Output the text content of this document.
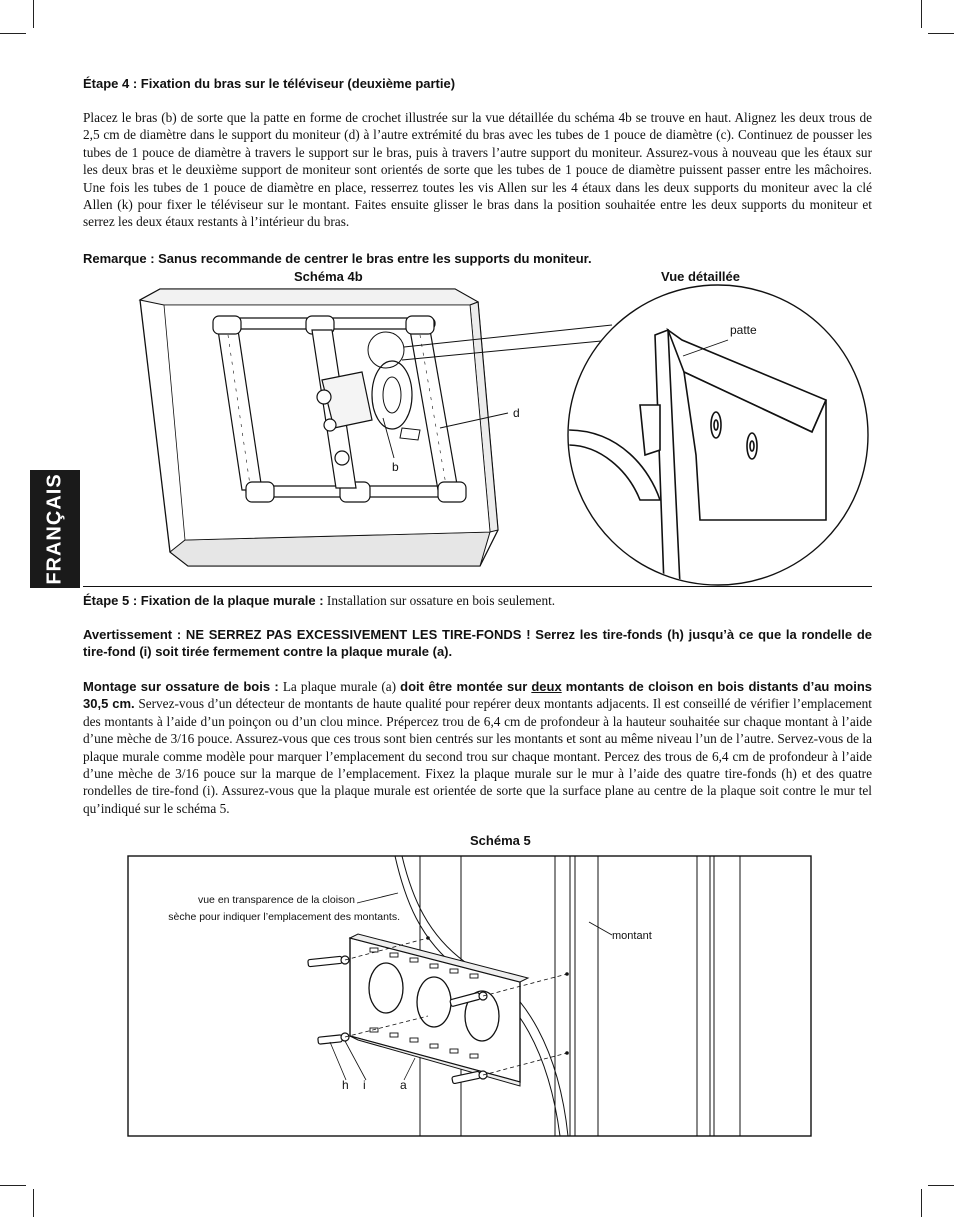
FRANÇAIS
Étape 4 : Fixation du bras sur le téléviseur (deuxième partie)
Placez le bras (b) de sorte que la patte en forme de crochet illustrée sur la vue détaillée du schéma 4b se trouve en haut. Alignez les deux trous de 2,5 cm de diamètre dans le support du moniteur (d) à l’autre extrémité du bras avec les tubes de 1 pouce de diamètre (c). Continuez de pousser les tubes de 1 pouce de diamètre à travers le support sur le bras, puis à travers l’autre support du moniteur. Assurez-vous à nouveau que les étaux sur les deux bras et le deuxième support de moniteur sont orientés de sorte que les tubes de 1 pouce de diamètre puissent passer entre les mâchoires. Une fois les tubes de 1 pouce de diamètre en place, resserrez toutes les vis Allen sur les 4 étaux dans les deux supports du moniteur avec la clé Allen (k) pour fixer le téléviseur sur le montant. Faites ensuite glisser le bras dans la position souhaitée entre les deux supports du moniteur et serrez les deux étaux restants à l’intérieur du bras.
Remarque : Sanus recommande de centrer le bras entre les supports du moniteur.
Schéma 4b	Vue détaillée
d
b
patte
Étape 5 : Fixation de la plaque murale : Installation sur ossature en bois seulement.
Avertissement : NE SERREZ PAS EXCESSIVEMENT LES TIRE-FONDS ! Serrez les tire-fonds (h) jusqu’à ce que la rondelle de tire-fond (i) soit tirée fermement contre la plaque murale (a).
Montage sur ossature de bois : La plaque murale (a) doit être montée sur deux montants de cloison en bois distants d’au moins 30,5 cm. Servez-vous d’un détecteur de montants de haute qualité pour repérer deux montants adjacents. Il est conseillé de vérifier l’emplacement des montants à l’aide d’un poinçon ou d’un clou mince. Prépercez trou de 6,4 cm de profondeur à la hauteur souhaitée sur chaque montant à l’aide d’une mèche de 3/16 pouce. Assurez-vous que ces trous sont bien centrés sur les montants et sont au même niveau l’un de l’autre. Servez-vous de la plaque murale comme modèle pour marquer l’emplacement du second trou sur chaque montant. Percez des trous de 6,4 cm de profondeur à l’aide d’une mèche de 3/16 pouce sur la marque de l’emplacement. Fixez la plaque murale sur le mur à l’aide des quatre tire-fonds (h) et des quatre rondelles de tire-fond (i). Assurez-vous que la plaque murale est orientée de sorte que la surface plane au centre de la plaque soit contre le mur tel qu’indiqué sur le schéma 5.
Schéma 5
vue en transparence de la cloison
sèche pour indiquer l’emplacement des montants.
montant
h i	a
